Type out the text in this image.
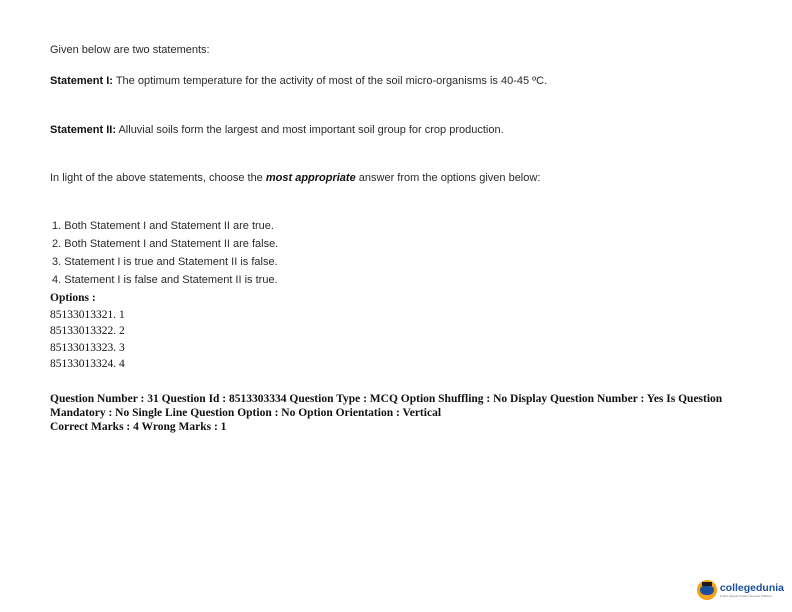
Given below are two statements:
Statement I: The optimum temperature for the activity of most of the soil micro-organisms is 40-45 ºC.
Statement II: Alluvial soils form the largest and most important soil group for crop production.
In light of the above statements, choose the most appropriate answer from the options given below:
1. Both Statement I and Statement II are true.
2. Both Statement I and Statement II are false.
3. Statement I is true and Statement II is false.
4. Statement I is false and Statement II is true.
Options :
85133013321. 1
85133013322. 2
85133013323. 3
85133013324. 4
Question Number : 31 Question Id : 8513303334 Question Type : MCQ Option Shuffling : No Display Question Number : Yes Is Question Mandatory : No Single Line Question Option : No Option Orientation : Vertical
Correct Marks : 4 Wrong Marks : 1
collegedunia
India's largest Student Review Platform
